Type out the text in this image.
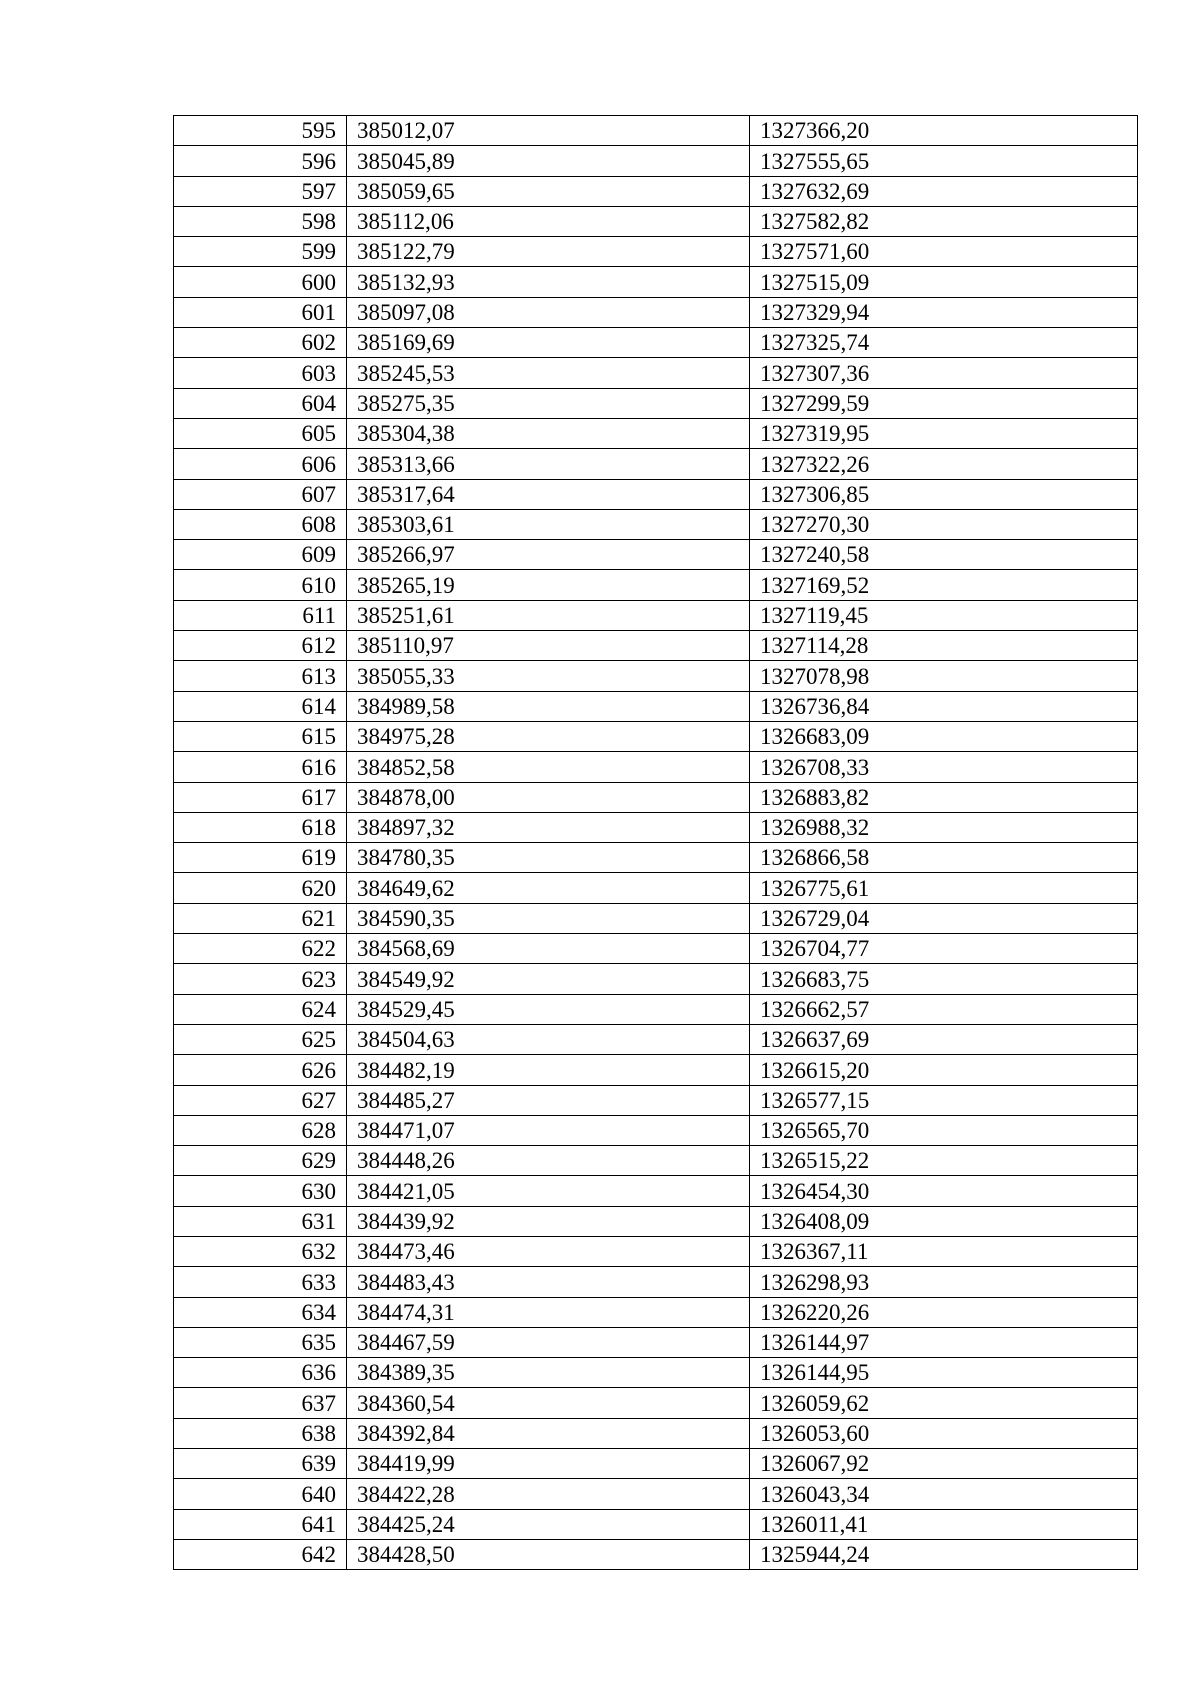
595	385012,07	1327366,20
596	385045,89	1327555,65
597	385059,65	1327632,69
598	385112,06	1327582,82
599	385122,79	1327571,60
600	385132,93	1327515,09
601	385097,08	1327329,94
602	385169,69	1327325,74
603	385245,53	1327307,36
604	385275,35	1327299,59
605	385304,38	1327319,95
606	385313,66	1327322,26
607	385317,64	1327306,85
608	385303,61	1327270,30
609	385266,97	1327240,58
610	385265,19	1327169,52
611	385251,61	1327119,45
612	385110,97	1327114,28
613	385055,33	1327078,98
614	384989,58	1326736,84
615	384975,28	1326683,09
616	384852,58	1326708,33
617	384878,00	1326883,82
618	384897,32	1326988,32
619	384780,35	1326866,58
620	384649,62	1326775,61
621	384590,35	1326729,04
622	384568,69	1326704,77
623	384549,92	1326683,75
624	384529,45	1326662,57
625	384504,63	1326637,69
626	384482,19	1326615,20
627	384485,27	1326577,15
628	384471,07	1326565,70
629	384448,26	1326515,22
630	384421,05	1326454,30
631	384439,92	1326408,09
632	384473,46	1326367,11
633	384483,43	1326298,93
634	384474,31	1326220,26
635	384467,59	1326144,97
636	384389,35	1326144,95
637	384360,54	1326059,62
638	384392,84	1326053,60
639	384419,99	1326067,92
640	384422,28	1326043,34
641	384425,24	1326011,41
642	384428,50	1325944,24
